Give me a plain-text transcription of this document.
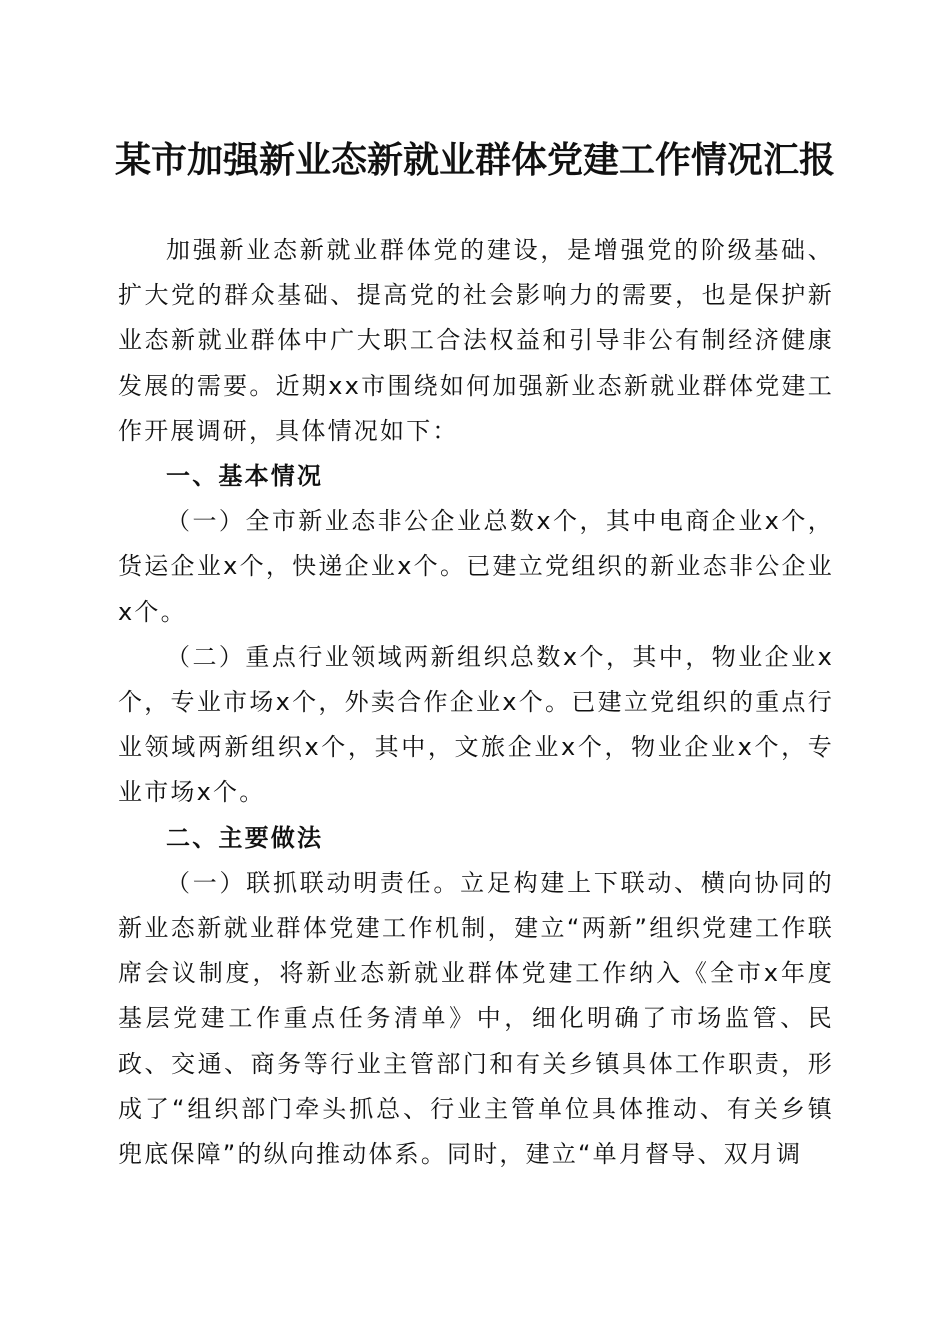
某市加强新业态新就业群体党建工作情况汇报

加强新业态新就业群体党的建设，是增强党的阶级基础、扩大党的群众基础、提高党的社会影响力的需要，也是保护新业态新就业群体中广大职工合法权益和引导非公有制经济健康发展的需要。近期xx市围绕如何加强新业态新就业群体党建工作开展调研，具体情况如下：

一、基本情况

（一）全市新业态非公企业总数x个，其中电商企业x个，货运企业x个，快递企业x个。已建立党组织的新业态非公企业x个。

（二）重点行业领域两新组织总数x个，其中，物业企业x个，专业市场x个，外卖合作企业x个。已建立党组织的重点行业领域两新组织x个，其中，文旅企业x个，物业企业x个，专业市场x个。

二、主要做法

（一）联抓联动明责任。立足构建上下联动、横向协同的新业态新就业群体党建工作机制，建立“两新”组织党建工作联席会议制度，将新业态新就业群体党建工作纳入《全市x年度基层党建工作重点任务清单》中，细化明确了市场监管、民政、交通、商务等行业主管部门和有关乡镇具体工作职责，形成了“组织部门牵头抓总、行业主管单位具体推动、有关乡镇兜底保障”的纵向推动体系。同时，建立“单月督导、双月调
